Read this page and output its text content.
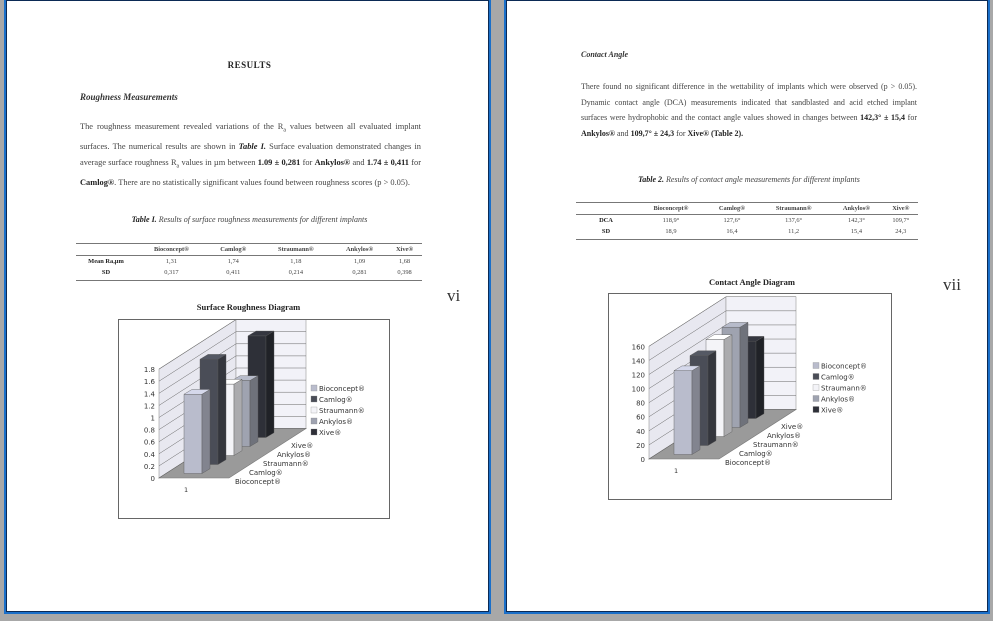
RESULTS
Roughness Measurements
The roughness measurement revealed variations of the $R_a$ values between all evaluated implant surfaces. The numerical results are shown in Table I. Surface evaluation demonstrated changes in average surface roughness $R_a$ values in µm between 1.09 ± 0,281 for Ankylos® and 1.74 ± 0,411 for Camlog®. There are no statistically significant values found between roughness scores (p > 0.05).
Table I. Results of surface roughness measurements for different implants
	Bioconcept®	Camlog®	Straumann®	Ankylos®	Xive®
Mean Ra,µm	1,31	1,74	1,18	1,09	1,68
SD	0,317	0,411	0,214	0,281	0,398
vi
Surface Roughness Diagram
0
0.2
0.4
0.6
0.8
1
1.2
1.4
1.6
1.8
1
Bioconcept®
Camlog®
Straumann®
Ankylos®
Xive®
Bioconcept®
Camlog®
Straumann®
Ankylos®
Xive®
Contact Angle
There found no significant difference in the wettability of implants which were observed (p > 0.05). Dynamic contact angle (DCA) measurements indicated that sandblasted and acid etched implant surfaces were hydrophobic and the contact angle values showed in changes between 142,3° ± 15,4 for Ankylos® and 109,7° ± 24,3 for Xive® (Table 2).
Table 2. Results of contact angle measurements for different implants
	Bioconcept®	Camlog®	Straumann®	Ankylos®	Xive®
DCA	118,9°	127,6°	137,6°	142,3°	109,7°
SD	18,9	16,4	11,2	15,4	24,3
vii
Contact Angle Diagram
0
20
40
60
80
100
120
140
160
1
Bioconcept®
Camlog®
Straumann®
Ankylos®
Xive®
Bioconcept®
Camlog®
Straumann®
Ankylos®
Xive®
